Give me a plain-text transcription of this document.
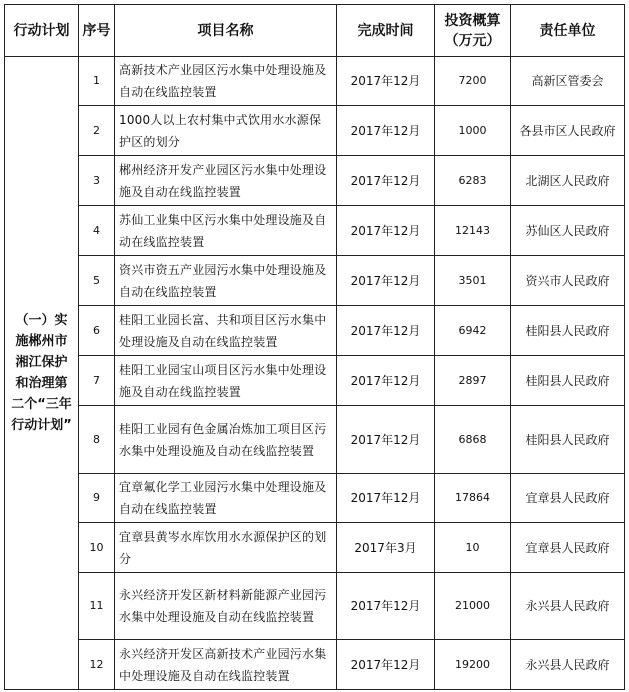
行动计划	序号	项目名称	完成时间	投资概算（万元）	责任单位
（一）实施郴州市湘江保护和治理第二个“三年行动计划”	1	高新技术产业园区污水集中处理设施及自动在线监控装置	2017年12月	7200	高新区管委会
	2	1000人以上农村集中式饮用水水源保护区的划分	2017年12月	1000	各县市区人民政府
	3	郴州经济开发产业园区污水集中处理设施及自动在线监控装置	2017年12月	6283	北湖区人民政府
	4	苏仙工业集中区污水集中处理设施及自动在线监控装置	2017年12月	12143	苏仙区人民政府
	5	资兴市资五产业园污水集中处理设施及自动在线监控装置	2017年12月	3501	资兴市人民政府
	6	桂阳工业园长富、共和项目区污水集中处理设施及自动在线监控装置	2017年12月	6942	桂阳县人民政府
	7	桂阳工业园宝山项目区污水集中处理设施及自动在线监控装置	2017年12月	2897	桂阳县人民政府
	8	桂阳工业园有色金属冶炼加工项目区污水集中处理设施及自动在线监控装置	2017年12月	6868	桂阳县人民政府
	9	宜章氟化学工业园污水集中处理设施及自动在线监控装置	2017年12月	17864	宜章县人民政府
	10	宜章县黄岑水库饮用水水源保护区的划分	2017年3月	10	宜章县人民政府
	11	永兴经济开发区新材料新能源产业园污水集中处理设施及自动在线监控装置	2017年12月	21000	永兴县人民政府
	12	永兴经济开发区高新技术产业园污水集中处理设施及自动在线监控装置	2017年12月	19200	永兴县人民政府
